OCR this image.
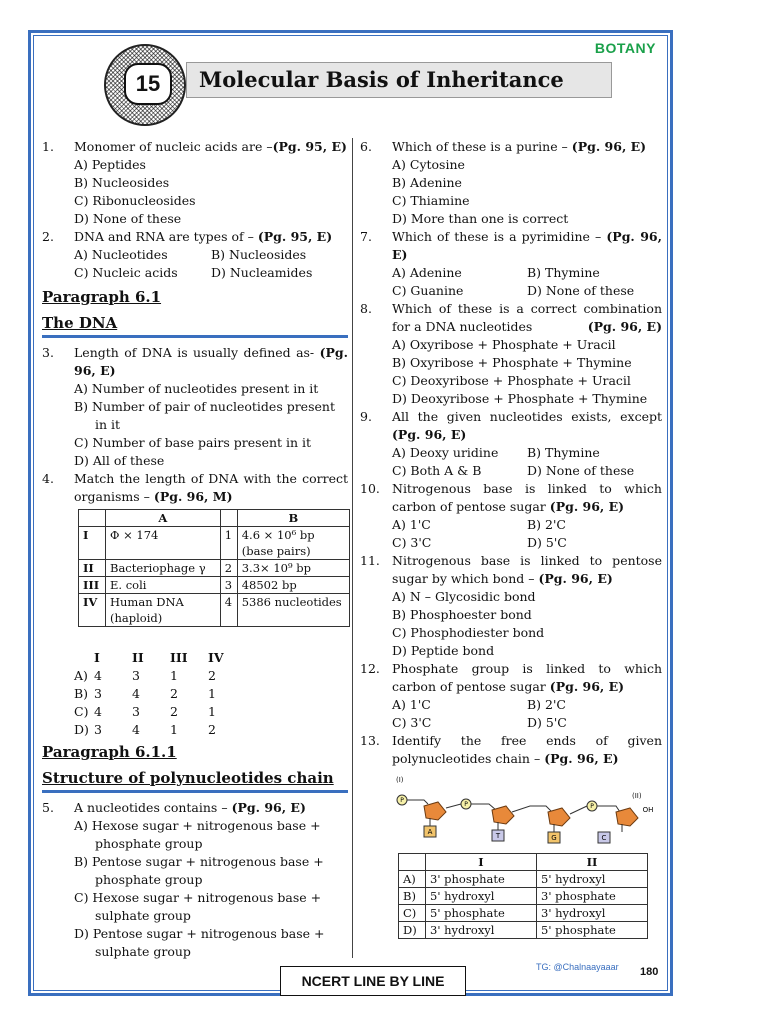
BOTANY
Molecular Basis of Inheritance
15
1.	Monomer of nucleic acids are –(Pg. 95, E)
A) Peptides
B) Nucleosides
C) Ribonucleosides
D) None of these
2.	DNA and RNA are types of – (Pg. 95, E)
A) Nucleotides	B) Nucleosides
C) Nucleic acids	D) Nucleamides
Paragraph 6.1
The DNA
3.	Length of DNA is usually defined as- (Pg. 96, E)
A) Number of nucleotides present in it
B) Number of pair of nucleotides present in it
C) Number of base pairs present in it
D) All of these
4.	Match the length of DNA with the correct organisms – (Pg. 96, M)
	A		B
I	Φ × 174	1	4.6 × 10⁶ bp (base pairs)
II	Bacteriophage γ	2	3.3× 10⁹ bp
III	E. coli	3	48502 bp
IV	Human DNA (haploid)	4	5386 nucleotides
I	II	III	IV
A) 4	3	1	2
B) 3	4	2	1
C) 4	3	2	1
D) 3	4	1	2
Paragraph 6.1.1
Structure of polynucleotides chain
5.	A nucleotides contains – (Pg. 96, E)
A) Hexose sugar + nitrogenous base + phosphate group
B) Pentose sugar + nitrogenous base + phosphate group
C) Hexose sugar + nitrogenous base + sulphate group
D) Pentose sugar + nitrogenous base + sulphate group
6.	Which of these is a purine – (Pg. 96, E)
A) Cytosine
B) Adenine
C) Thiamine
D) More than one is correct
7.	Which of these is a pyrimidine – (Pg. 96, E)
A) Adenine	B) Thymine
C) Guanine	D) None of these
8.	Which of these is a correct combination for a DNA nucleotides	(Pg. 96, E)
A) Oxyribose + Phosphate + Uracil
B) Oxyribose + Phosphate + Thymine
C) Deoxyribose + Phosphate + Uracil
D) Deoxyribose + Phosphate + Thymine
9.	All the given nucleotides exists, except (Pg. 96, E)
A) Deoxy uridine	B) Thymine
C) Both A & B	D) None of these
10. Nitrogenous base is linked to which carbon of pentose sugar (Pg. 96, E)
A) 1'C	B) 2'C
C) 3'C	D) 5'C
11. Nitrogenous base is linked to pentose sugar by which bond – (Pg. 96, E)
A) N – Glycosidic bond
B) Phosphoester bond
C) Phosphodiester bond
D) Peptide bond
12. Phosphate group is linked to which carbon of pentose sugar (Pg. 96, E)
A) 1'C	B) 2'C
C) 3'C	D) 5'C
13. Identify the free ends of given polynucleotides chain – (Pg. 96, E)
(I)
(II)
P
P	P
A	T	G	C
OH
	I	II
A)	3' phosphate	5' hydroxyl
B)	5' hydroxyl	3' phosphate
C)	5' phosphate	3' hydroxyl
D)	3' hydroxyl	5' phosphate
NCERT LINE BY LINE
TG: @Chalnaayaaar 180
